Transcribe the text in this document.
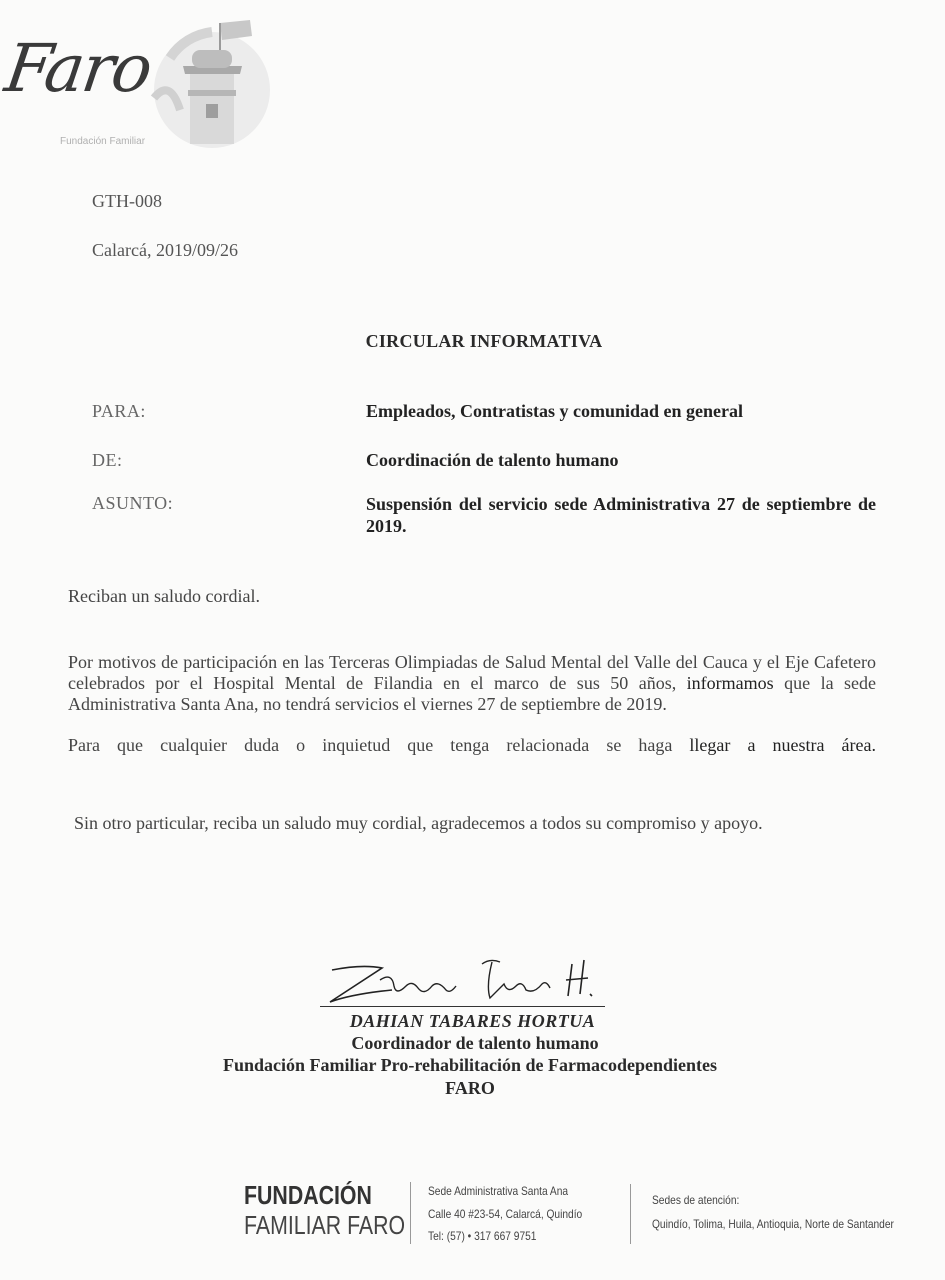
Faro
Fundación Familiar
GTH-008
Calarcá, 2019/09/26
CIRCULAR INFORMATIVA
PARA:	Empleados, Contratistas y comunidad en general
DE:	Coordinación de talento humano
ASUNTO:	Suspensión del servicio sede Administrativa 27 de septiembre de 2019.
Reciban un saludo cordial.
Por motivos de participación en las Terceras Olimpiadas de Salud Mental del Valle del Cauca y el Eje Cafetero celebrados por el Hospital Mental de Filandia en el marco de sus 50 años, informamos que la sede Administrativa Santa Ana, no tendrá servicios el viernes 27 de septiembre de 2019.
Para que cualquier duda o inquietud que tenga relacionada se haga llegar a nuestra área.
Sin otro particular, reciba un saludo muy cordial, agradecemos a todos su compromiso y apoyo.
DAHIAN TABARES HORTUA
Coordinador de talento humano
Fundación Familiar Pro-rehabilitación de Farmacodependientes
FARO
FUNDACIÓN
FAMILIAR FARO
Sede Administrativa Santa Ana
Calle 40 #23-54, Calarcá, Quindío
Tel: (57) • 317 667 9751
Sedes de atención:
Quindío, Tolima, Huila, Antioquia, Norte de Santander
